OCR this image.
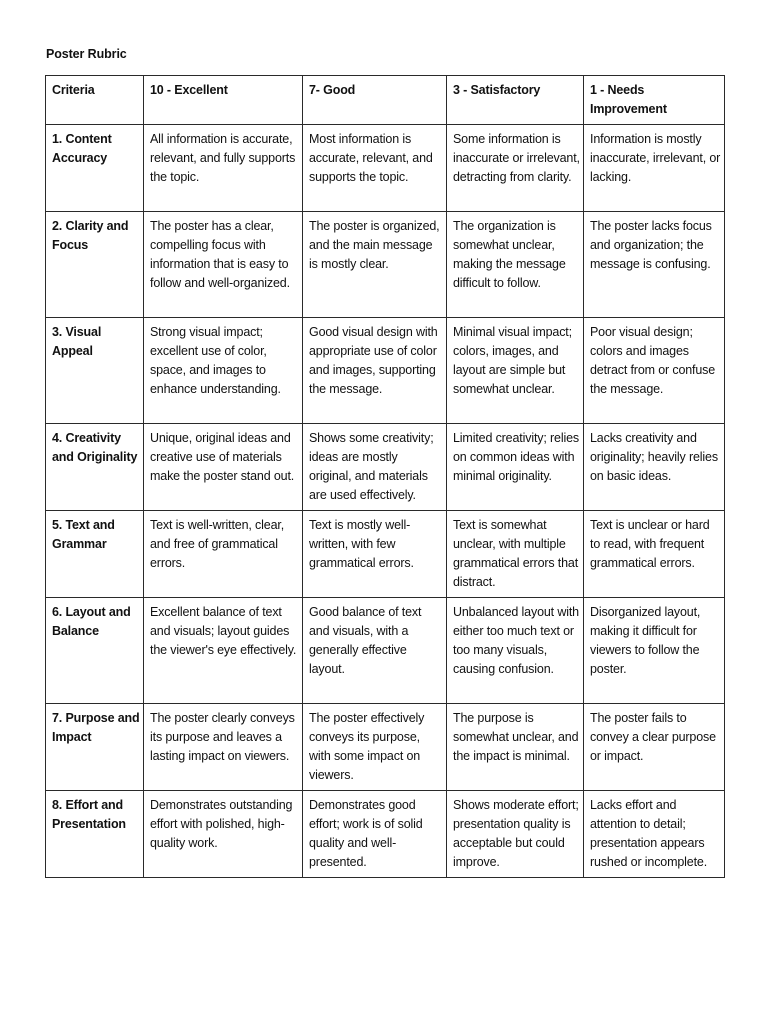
Poster Rubric
Criteria	10 - Excellent	7- Good	3 - Satisfactory	1 - Needs Improvement
1. Content Accuracy	All information is accurate, relevant, and fully supports the topic.	Most information is accurate, relevant, and supports the topic.	Some information is inaccurate or irrelevant, detracting from clarity.	Information is mostly inaccurate, irrelevant, or lacking.
2. Clarity and Focus	The poster has a clear, compelling focus with information that is easy to follow and well-organized.	The poster is organized, and the main message is mostly clear.	The organization is somewhat unclear, making the message difficult to follow.	The poster lacks focus and organization; the message is confusing.
3. Visual Appeal	Strong visual impact; excellent use of color, space, and images to enhance understanding.	Good visual design with appropriate use of color and images, supporting the message.	Minimal visual impact; colors, images, and layout are simple but somewhat unclear.	Poor visual design; colors and images detract from or confuse the message.
4. Creativity and Originality	Unique, original ideas and creative use of materials make the poster stand out.	Shows some creativity; ideas are mostly original, and materials are used effectively.	Limited creativity; relies on common ideas with minimal originality.	Lacks creativity and originality; heavily relies on basic ideas.
5. Text and Grammar	Text is well-written, clear, and free of grammatical errors.	Text is mostly well-written, with few grammatical errors.	Text is somewhat unclear, with multiple grammatical errors that distract.	Text is unclear or hard to read, with frequent grammatical errors.
6. Layout and Balance	Excellent balance of text and visuals; layout guides the viewer's eye effectively.	Good balance of text and visuals, with a generally effective layout.	Unbalanced layout with either too much text or too many visuals, causing confusion.	Disorganized layout, making it difficult for viewers to follow the poster.
7. Purpose and Impact	The poster clearly conveys its purpose and leaves a lasting impact on viewers.	The poster effectively conveys its purpose, with some impact on viewers.	The purpose is somewhat unclear, and the impact is minimal.	The poster fails to convey a clear purpose or impact.
8. Effort and Presentation	Demonstrates outstanding effort with polished, high-quality work.	Demonstrates good effort; work is of solid quality and well-presented.	Shows moderate effort; presentation quality is acceptable but could improve.	Lacks effort and attention to detail; presentation appears rushed or incomplete.
